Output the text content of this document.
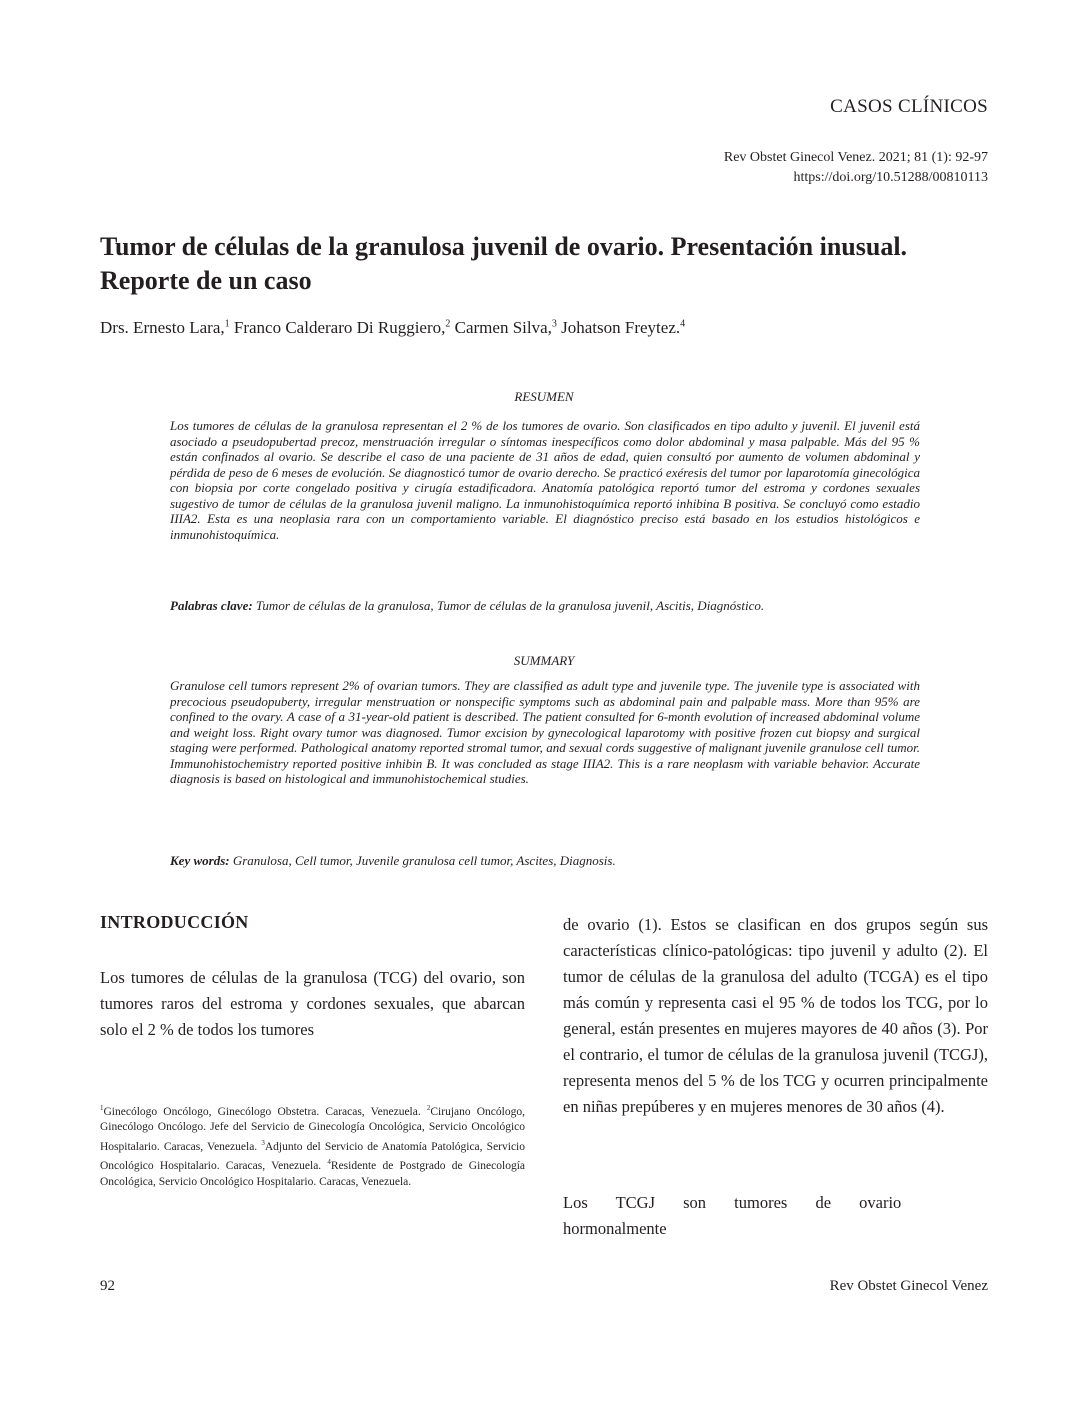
CASOS CLÍNICOS
Rev Obstet Ginecol Venez. 2021; 81 (1): 92-97
https://doi.org/10.51288/00810113
Tumor de células de la granulosa juvenil de ovario. Presentación inusual. Reporte de un caso
Drs. Ernesto Lara,$^1$ Franco Calderaro Di Ruggiero,$^2$ Carmen Silva,$^3$ Johatson Freytez.$^4$
RESUMEN
Los tumores de células de la granulosa representan el 2 % de los tumores de ovario. Son clasificados en tipo adulto y juvenil. El juvenil está asociado a pseudopubertad precoz, menstruación irregular o síntomas inespecíficos como dolor abdominal y masa palpable. Más del 95 % están confinados al ovario. Se describe el caso de una paciente de 31 años de edad, quien consultó por aumento de volumen abdominal y pérdida de peso de 6 meses de evolución. Se diagnosticó tumor de ovario derecho. Se practicó exéresis del tumor por laparotomía ginecológica con biopsia por corte congelado positiva y cirugía estadificadora. Anatomía patológica reportó tumor del estroma y cordones sexuales sugestivo de tumor de células de la granulosa juvenil maligno. La inmunohistoquímica reportó inhibina B positiva. Se concluyó como estadio IIIA2. Esta es una neoplasia rara con un comportamiento variable. El diagnóstico preciso está basado en los estudios histológicos e inmunohistoquímica.
Palabras clave: Tumor de células de la granulosa, Tumor de células de la granulosa juvenil, Ascitis, Diagnóstico.
SUMMARY
Granulose cell tumors represent 2% of ovarian tumors. They are classified as adult type and juvenile type. The juvenile type is associated with precocious pseudopuberty, irregular menstruation or nonspecific symptoms such as abdominal pain and palpable mass. More than 95% are confined to the ovary. A case of a 31-year-old patient is described. The patient consulted for 6-month evolution of increased abdominal volume and weight loss. Right ovary tumor was diagnosed. Tumor excision by gynecological laparotomy with positive frozen cut biopsy and surgical staging were performed. Pathological anatomy reported stromal tumor, and sexual cords suggestive of malignant juvenile granulose cell tumor. Immunohistochemistry reported positive inhibin B. It was concluded as stage IIIA2. This is a rare neoplasm with variable behavior. Accurate diagnosis is based on histological and immunohistochemical studies.
Key words: Granulosa, Cell tumor, Juvenile granulosa cell tumor, Ascites, Diagnosis.
INTRODUCCIÓN
Los tumores de células de la granulosa (TCG) del ovario, son tumores raros del estroma y cordones sexuales, que abarcan solo el 2 % de todos los tumores
de ovario (1). Estos se clasifican en dos grupos según sus características clínico-patológicas: tipo juvenil y adulto (2). El tumor de células de la granulosa del adulto (TCGA) es el tipo más común y representa casi el 95 % de todos los TCG, por lo general, están presentes en mujeres mayores de 40 años (3). Por el contrario, el tumor de células de la granulosa juvenil (TCGJ), representa menos del 5 % de los TCG y ocurren principalmente en niñas prepúberes y en mujeres menores de 30 años (4).
Los TCGJ son tumores de ovario hormonalmente
$^1$Ginecólogo Oncólogo, Ginecólogo Obstetra. Caracas, Venezuela. $^2$Cirujano Oncólogo, Ginecólogo Oncólogo. Jefe del Servicio de Ginecología Oncológica, Servicio Oncológico Hospitalario. Caracas, Venezuela. $^3$Adjunto del Servicio de Anatomía Patológica, Servicio Oncológico Hospitalario. Caracas, Venezuela. $^4$Residente de Postgrado de Ginecología Oncológica, Servicio Oncológico Hospitalario. Caracas, Venezuela.
92	Rev Obstet Ginecol Venez
